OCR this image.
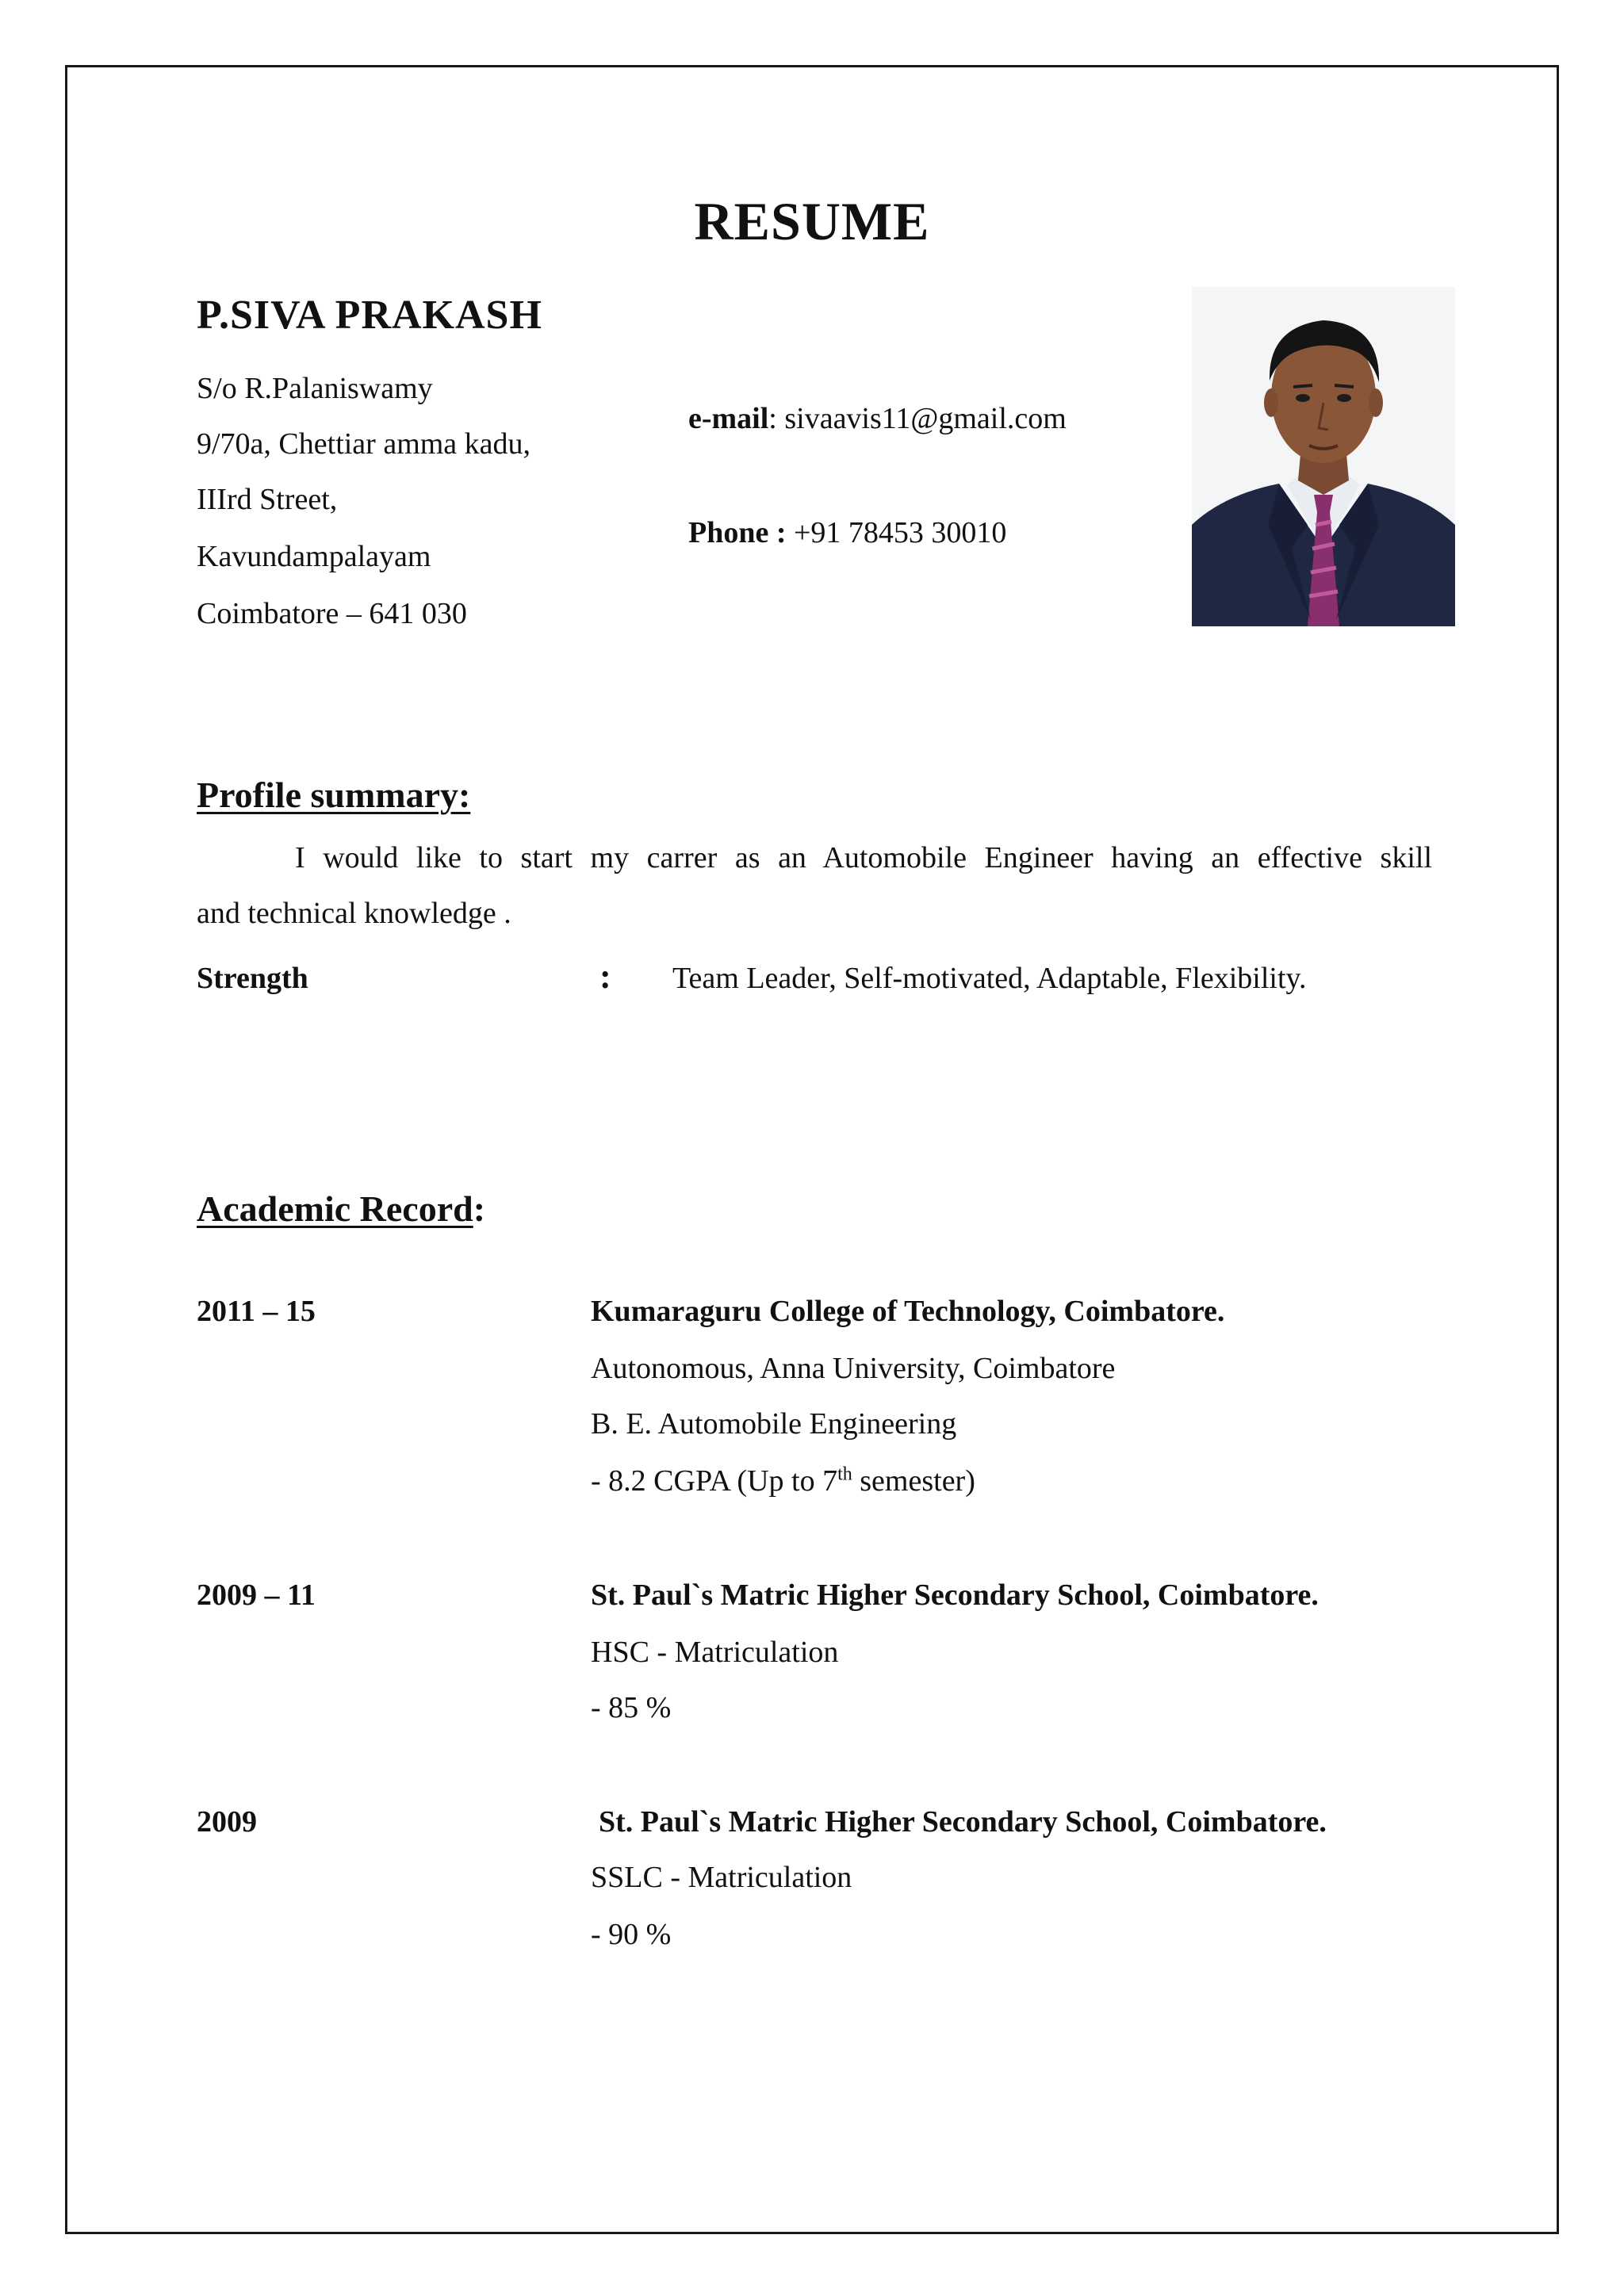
RESUME
P.SIVA PRAKASH
S/o R.Palaniswamy
9/70a, Chettiar amma kadu,
IIIrd Street,
Kavundampalayam
Coimbatore – 641 030
e-mail: sivaavis11@gmail.com
Phone : +91 78453 30010
Profile summary:
I would like to start my carrer as an Automobile Engineer having an effective skill
and technical knowledge .
Strength	: Team Leader, Self-motivated, Adaptable, Flexibility.
Academic Record:
2011 – 15	Kumaraguru College of Technology, Coimbatore.
Autonomous, Anna University, Coimbatore
B. E. Automobile Engineering
- 8.2 CGPA (Up to 7th semester)
2009 – 11	St. Paul`s Matric Higher Secondary School, Coimbatore.
HSC - Matriculation
- 85 %
2009	St. Paul`s Matric Higher Secondary School, Coimbatore.
SSLC - Matriculation
- 90 %
